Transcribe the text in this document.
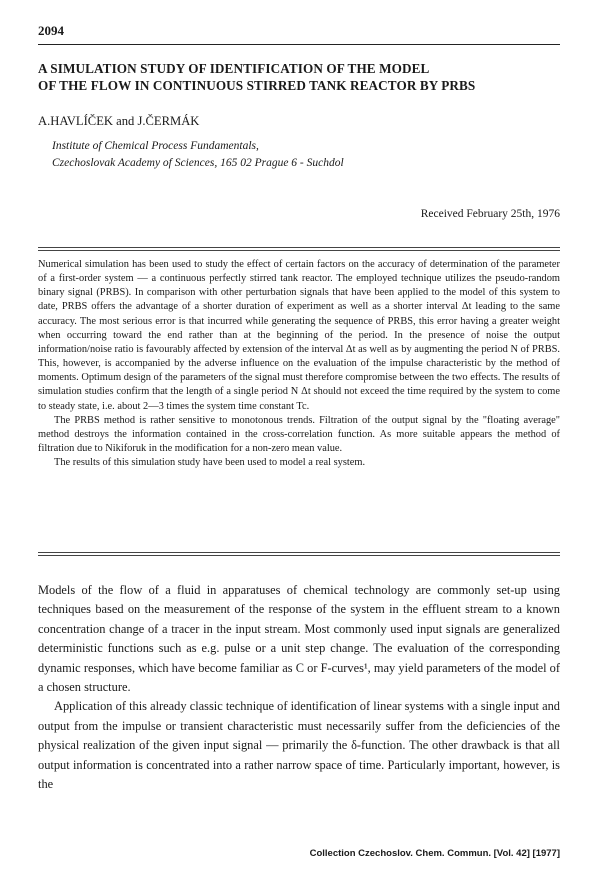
2094
A SIMULATION STUDY OF IDENTIFICATION OF THE MODEL
OF THE FLOW IN CONTINUOUS STIRRED TANK REACTOR BY PRBS
A.HAVLÍČEK and J.ČERMÁK
Institute of Chemical Process Fundamentals,
Czechoslovak Academy of Sciences, 165 02 Prague 6 - Suchdol
Received February 25th, 1976

Numerical simulation has been used to study the effect of certain factors on the accuracy of determination of the parameter of a first-order system — a continuous perfectly stirred tank reactor. The employed technique utilizes the pseudo-random binary signal (PRBS). In comparison with other perturbation signals that have been applied to the model of this system to date, PRBS offers the advantage of a shorter duration of experiment as well as a shorter interval Δt leading to the same accuracy. The most serious error is that incurred while generating the sequence of PRBS, this error having a greater weight when occurring toward the end rather than at the beginning of the period. In the presence of noise the output information/noise ratio is favourably affected by extension of the interval Δt as well as by augmenting the period N of PRBS. This, however, is accompanied by the adverse influence on the evaluation of the impulse characteristic by the method of moments. Optimum design of the parameters of the signal must therefore compromise between the two effects. The results of simulation studies confirm that the length of a single period N Δt should not exceed the time required by the system to come to steady state, i.e. about 2—3 times the system time constant Tc.

The PRBS method is rather sensitive to monotonous trends. Filtration of the output signal by the "floating average" method destroys the information contained in the cross-correlation function. As more suitable appears the method of filtration due to Nikiforuk in the modification for a non-zero mean value.

The results of this simulation study have been used to model a real system.

Models of the flow of a fluid in apparatuses of chemical technology are commonly set-up using techniques based on the measurement of the response of the system in the effluent stream to a known concentration change of a tracer in the input stream. Most commonly used input signals are generalized deterministic functions such as e.g. pulse or a unit step change. The evaluation of the corresponding dynamic responses, which have become familiar as C or F-curves¹, may yield parameters of the model of a chosen structure.

Application of this already classic technique of identification of linear systems with a single input and output from the impulse or transient characteristic must necessarily suffer from the deficiencies of the physical realization of the given input signal — primarily the δ-function. The other drawback is that all output information is concentrated into a rather narrow space of time. Particularly important, however, is the

Collection Czechoslov. Chem. Commun. [Vol. 42] [1977]
